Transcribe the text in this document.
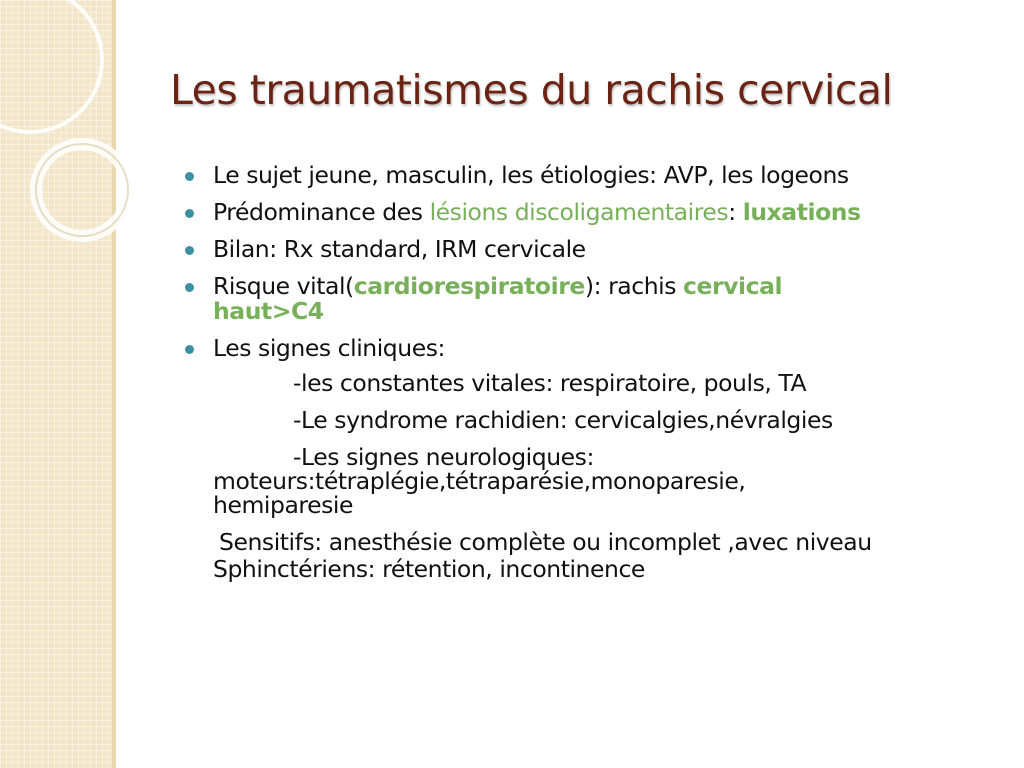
Les traumatismes du rachis cervical
Le sujet jeune, masculin, les étiologies: AVP, les logeons
Prédominance des lésions discoligamentaires: luxations
Bilan: Rx standard, IRM cervicale
Risque vital(cardiorespiratoire): rachis cervical
haut>C4
Les signes cliniques:
-les constantes vitales: respiratoire, pouls, TA
-Le syndrome rachidien: cervicalgies,névralgies
-Les signes neurologiques:
moteurs:tétraplégie,tétraparésie,monoparesie,
hemiparesie
Sensitifs: anesthésie complète ou incomplet ,avec niveau
Sphinctériens: rétention, incontinence
